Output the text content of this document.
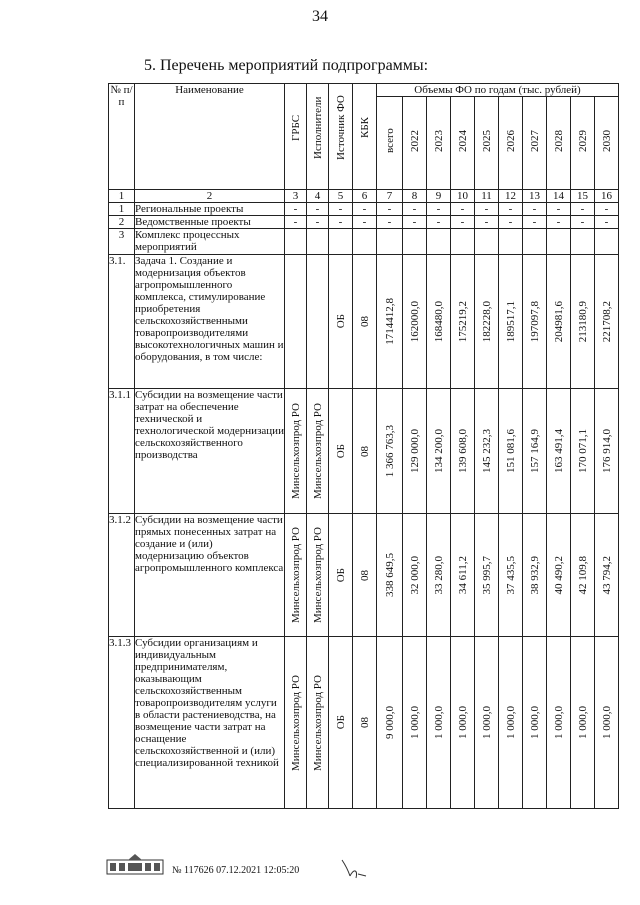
34
5. Перечень мероприятий подпрограммы:
№ п/п	Наименование	ГРБС	Исполнители	Источник ФО	КБК	Объемы ФО по годам (тыс. рублей)									

						всего	2022	2023	2024	2025	2026	2027	2028	2029	2030

1	2	3	4	5	6	7	8	9	10	11	12	13	14	15	16
1	Региональные проекты	-	-	-	-	-	-	-	-	-	-	-	-	-	-
2	Ведомственные проекты	-	-	-	-	-	-	-	-	-	-	-	-	-	-
3	Комплекс процессных мероприятий														
3.1.	Задача 1. Создание и модернизация объектов агропромышленного комплекса, стимулирование приобретения сельскохозяйственными товаропроизводителями высокотехнологичных машин и оборудования, в том числе:			ОБ	08	1714412,8	162000,0	168480,0	175219,2	182228,0	189517,1	197097,8	204981,6	213180,9	221708,2

3.1.1	Субсидии на возмещение части затрат на обеспечение технической и технологической модернизации сельскохозяйственного производства	Минсельхозпрод РО	Минсельхозпрод РО	ОБ	08	1 366 763,3	129 000,0	134 200,0	139 608,0	145 232,3	151 081,6	157 164,9	163 491,4	170 071,1	176 914,0

3.1.2	Субсидии на возмещение части прямых понесенных затрат на создание и (или) модернизацию объектов агропромышленного комплекса	Минсельхозпрод РО	Минсельхозпрод РО	ОБ	08	338 649,5	32 000,0	33 280,0	34 611,2	35 995,7	37 435,5	38 932,9	40 490,2	42 109,8	43 794,2

3.1.3	Субсидии организациям и индивидуальным предпринимателям, оказывающим сельскохозяйственным товаропроизводителям услуги в области растениеводства, на возмещение части затрат на оснащение сельскохозяйственной и (или) специализированной техникой	Минсельхозпрод РО	Минсельхозпрод РО	ОБ	08	9 000,0	1 000,0	1 000,0	1 000,0	1 000,0	1 000,0	1 000,0	1 000,0	1 000,0	1 000,0
№ 117626 07.12.2021 12:05:20
